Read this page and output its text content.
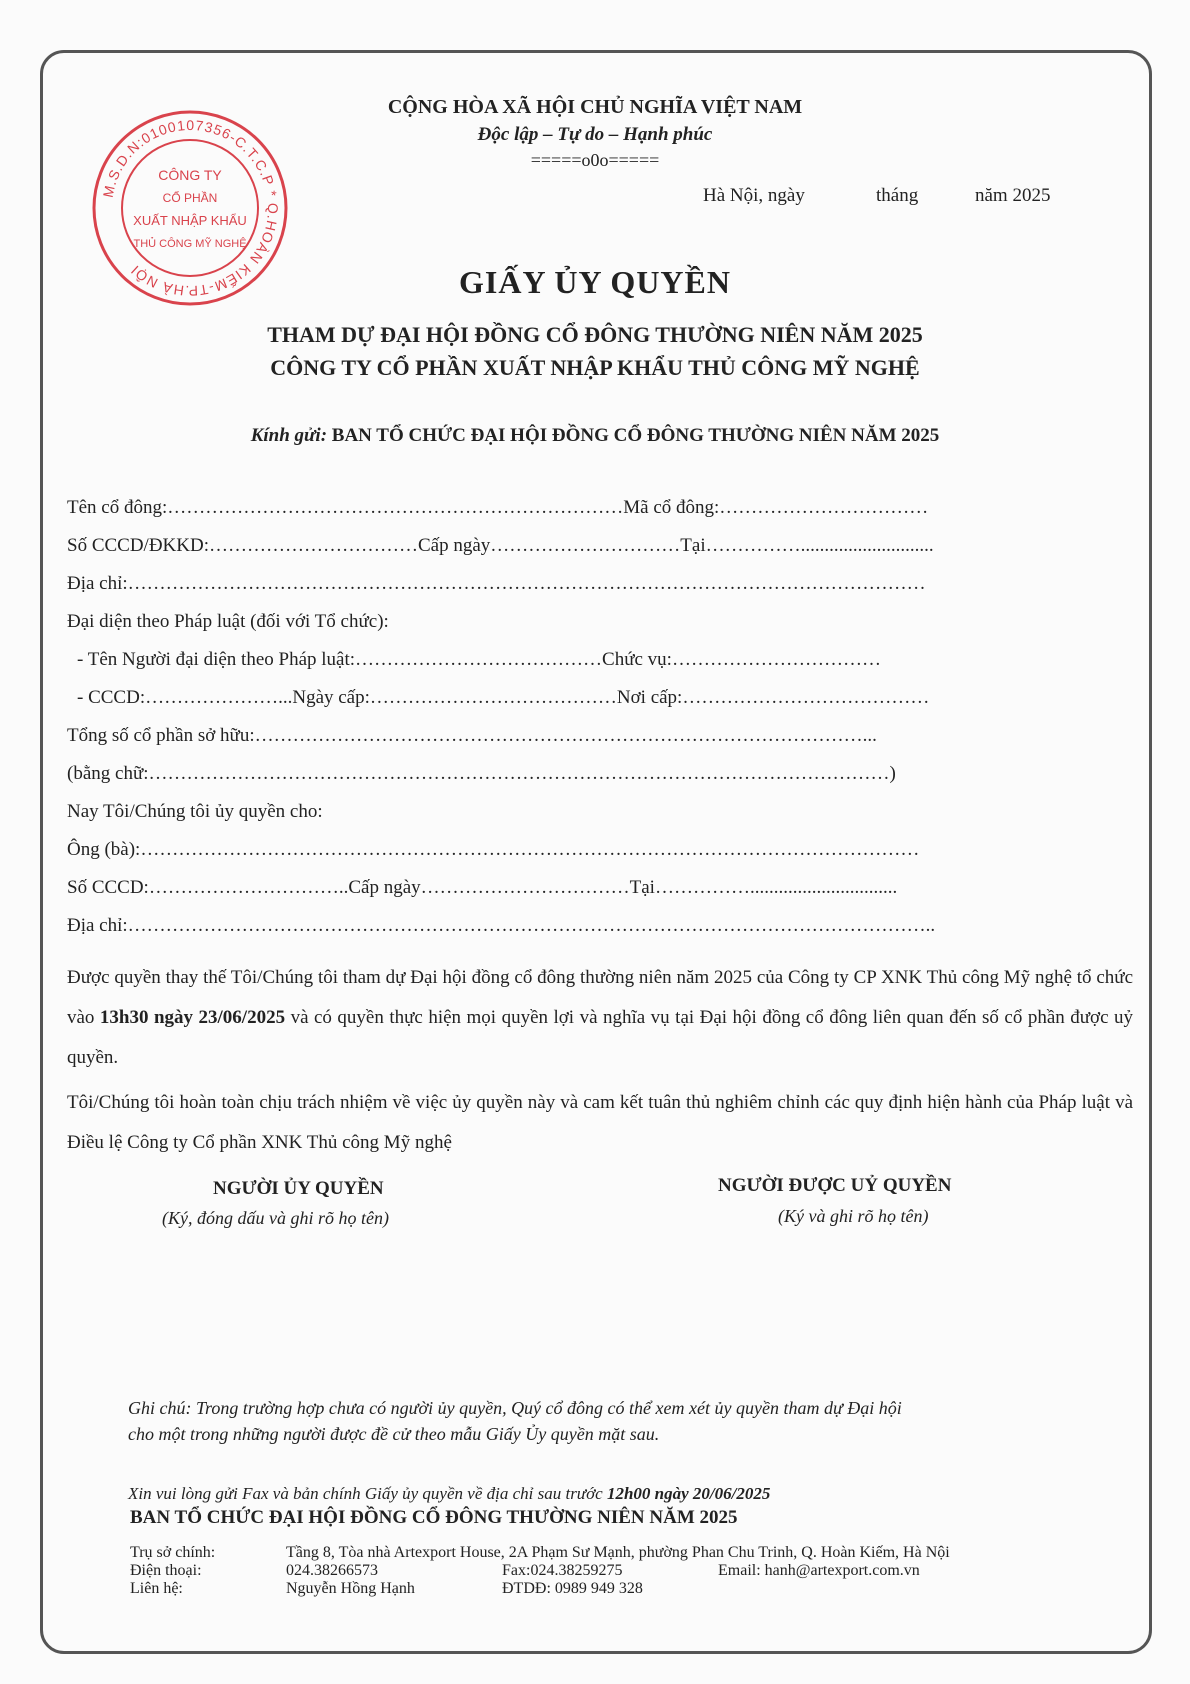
M.S.D.N:0100107356-C.T.C.P * Q.HOÀN KIẾM-TP.HÀ NỘI
CÔNG TY
CỔ PHẦN
XUẤT NHẬP KHẨU
THỦ CÔNG MỸ NGHỆ
CỘNG HÒA XÃ HỘI CHỦ NGHĨA VIỆT NAM
Độc lập – Tự do – Hạnh phúc
=====o0o=====
Hà Nội, ngày	tháng	năm 2025
GIẤY ỦY QUYỀN
THAM DỰ ĐẠI HỘI ĐỒNG CỔ ĐÔNG THƯỜNG NIÊN NĂM 2025
CÔNG TY CỔ PHẦN XUẤT NHẬP KHẨU THỦ CÔNG MỸ NGHỆ
Kính gửi: BAN TỔ CHỨC ĐẠI HỘI ĐỒNG CỔ ĐÔNG THƯỜNG NIÊN NĂM 2025
Tên cổ đông:………………………………………………………………Mã cổ đông:……………………………
Số CCCD/ĐKKD:……………………………Cấp ngày…………………………Tại……………............................
Địa chỉ:………………………………………………………………………………………………………………
Đại diện theo Pháp luật (đối với Tổ chức):
- Tên Người đại diện theo Pháp luật:…………………………………Chức vụ:……………………………
- CCCD:…………………...Ngày cấp:…………………………………Nơi cấp:…………………………………
Tổng số cổ phần sở hữu:……………………………………………………………………………………...
(bằng chữ:………………………………………………………………………………………………………)
Nay Tôi/Chúng tôi ủy quyền cho:
Ông (bà):……………………………………………………………………………………………………………
Số CCCD:…………………………..Cấp ngày……………………………Tại……………...............................
Địa chỉ:………………………………………………………………………………………………………………..
Được quyền thay thế Tôi/Chúng tôi tham dự Đại hội đồng cổ đông thường niên năm 2025 của Công ty CP XNK Thủ công Mỹ nghệ tổ chức vào 13h30 ngày 23/06/2025 và có quyền thực hiện mọi quyền lợi và nghĩa vụ tại Đại hội đồng cổ đông liên quan đến số cổ phần được uỷ quyền.
Tôi/Chúng tôi hoàn toàn chịu trách nhiệm về việc ủy quyền này và cam kết tuân thủ nghiêm chỉnh các quy định hiện hành của Pháp luật và Điều lệ Công ty Cổ phần XNK Thủ công Mỹ nghệ
NGƯỜI ỦY QUYỀN
(Ký, đóng dấu và ghi rõ họ tên)
NGƯỜI ĐƯỢC UỶ QUYỀN
(Ký và ghi rõ họ tên)
Ghi chú: Trong trường hợp chưa có người ủy quyền, Quý cổ đông có thể xem xét ủy quyền tham dự Đại hội
cho một trong những người được đề cử theo mẫu Giấy Ủy quyền mặt sau.
Xin vui lòng gửi Fax và bản chính Giấy ủy quyền về địa chỉ sau trước 12h00 ngày 20/06/2025
BAN TỔ CHỨC ĐẠI HỘI ĐỒNG CỔ ĐÔNG THƯỜNG NIÊN NĂM 2025
Trụ sở chính:	Tầng 8, Tòa nhà Artexport House, 2A Phạm Sư Mạnh, phường Phan Chu Trinh, Q. Hoàn Kiếm, Hà Nội		
Điện thoại:	024.38266573	Fax:024.38259275	Email: hanh@artexport.com.vn
Liên hệ:	Nguyễn Hồng Hạnh	ĐTDĐ: 0989 949 328	
